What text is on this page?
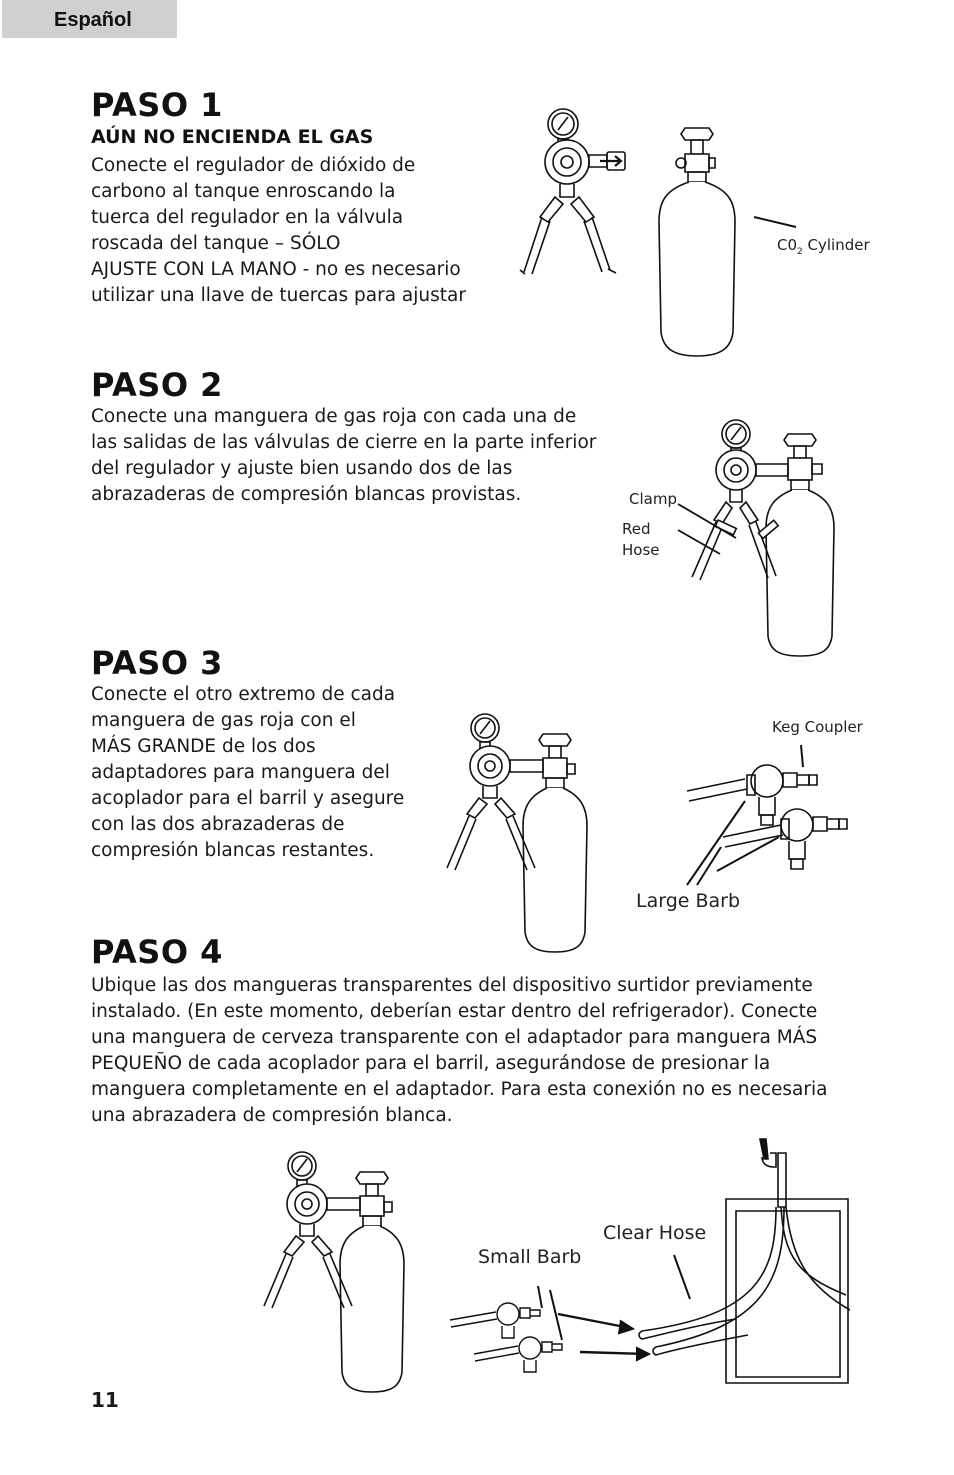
Español
PASO 1
AÚN NO ENCIENDA EL GAS
Conecte el regulador de dióxido de
carbono al tanque enroscando la
tuerca del regulador en la válvula
roscada del tanque – SÓLO
AJUSTE CON LA MANO - no es necesario
utilizar una llave de tuercas para ajustar
$C0_2$ Cylinder
PASO 2
Conecte una manguera de gas roja con cada una de
las salidas de las válvulas de cierre en la parte inferior
del regulador y ajuste bien usando dos de las
abrazaderas de compresión blancas provistas.	Clamp
Red
Hose
PASO 3
Conecte el otro extremo de cada
manguera de gas roja con el
MÁS GRANDE de los dos
adaptadores para manguera del
acoplador para el barril y asegure
con las dos abrazaderas de
compresión blancas restantes.
Keg Coupler
Large Barb
PASO 4
Ubique las dos mangueras transparentes del dispositivo surtidor previamente
instalado. (En este momento, deberían estar dentro del refrigerador). Conecte
una manguera de cerveza transparente con el adaptador para manguera MÁS
PEQUEÑO de cada acoplador para el barril, asegurándose de presionar la
manguera completamente en el adaptador. Para esta conexión no es necesaria
una abrazadera de compresión blanca.
Clear Hose
Small Barb
11
